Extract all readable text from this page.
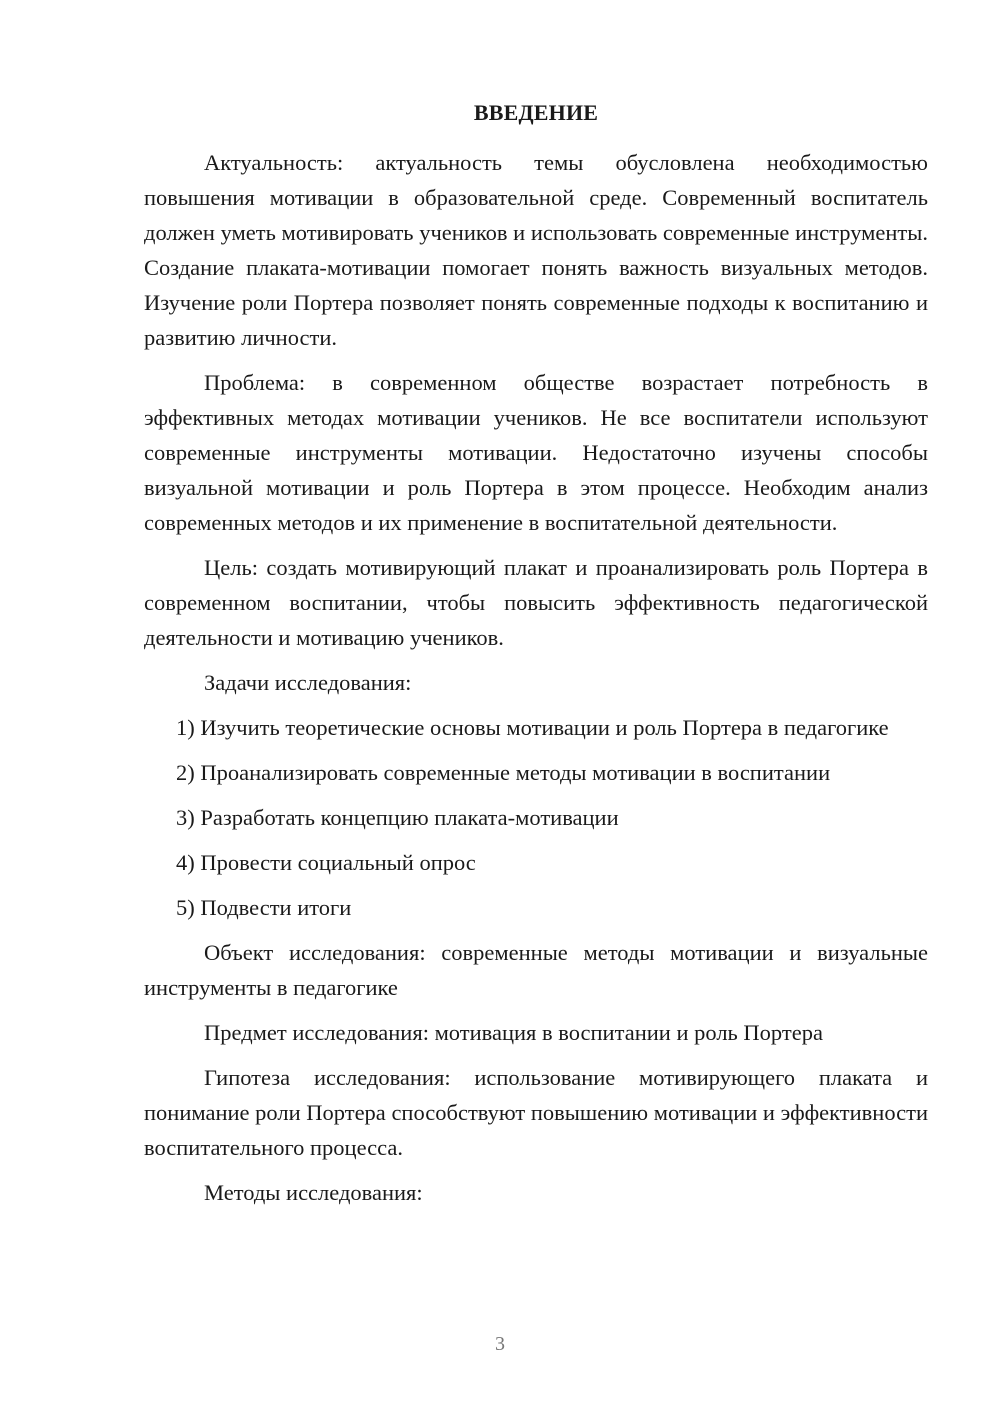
ВВЕДЕНИЕ

Актуальность: актуальность темы обусловлена необходимостью повышения мотивации в образовательной среде. Современный воспитатель должен уметь мотивировать учеников и использовать современные инструменты. Создание плаката-мотивации помогает понять важность визуальных методов. Изучение роли Портера позволяет понять современные подходы к воспитанию и развитию личности.

Проблема: в современном обществе возрастает потребность в эффективных методах мотивации учеников. Не все воспитатели используют современные инструменты мотивации. Недостаточно изучены способы визуальной мотивации и роль Портера в этом процессе. Необходим анализ современных методов и их применение в воспитательной деятельности.

Цель: создать мотивирующий плакат и проанализировать роль Портера в современном воспитании, чтобы повысить эффективность педагогической деятельности и мотивацию учеников.

Задачи исследования:

1) Изучить теоретические основы мотивации и роль Портера в педагогике

2) Проанализировать современные методы мотивации в воспитании

3) Разработать концепцию плаката-мотивации

4) Провести социальный опрос

5) Подвести итоги

Объект исследования: современные методы мотивации и визуальные инструменты в педагогике

Предмет исследования: мотивация в воспитании и роль Портера

Гипотеза исследования: использование мотивирующего плаката и понимание роли Портера способствуют повышению мотивации и эффективности воспитательного процесса.

Методы исследования:

3
